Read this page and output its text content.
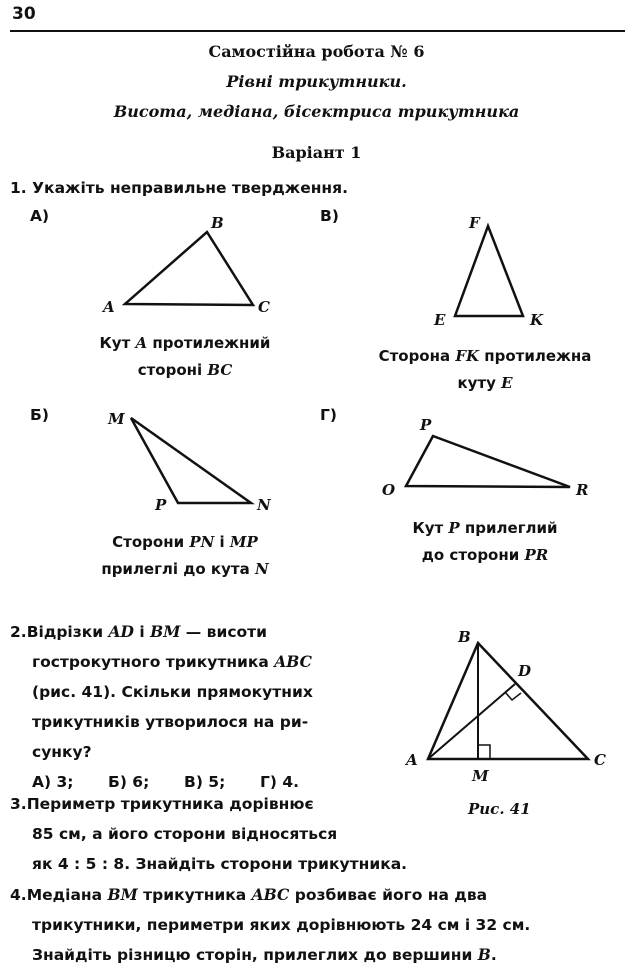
30
Самостійна робота № 6
Рівні трикутники.
Висота, медіана, бісектриса трикутника
Варіант 1
1. Укажіть неправильне твердження.
А)
A
B
C
Кут A протилежний
стороні BC
В)	F
E	K
Сторона FK протилежна
куту E
Б)	M
P	N
Сторони PN і MP
прилеглі до кута N
Г)
P
O	R
Кут P прилеглий
до сторони PR
2.Відрізки AD і BM — висоти
гострокутного трикутника ABC
(рис. 41). Скільки прямокутних
трикутників утворилося на ри-
сунку?
А) 3; Б) 6; В) 5; Г) 4.
B
D
A
M
C
Рис. 41
3.Периметр трикутника дорівнює
85 см, а його сторони відносяться
як 4 : 5 : 8. Знайдіть сторони трикутника.
4.Медіана BM трикутника ABC розбиває його на два
трикутники, периметри яких дорівнюють 24 см і 32 см.
Знайдіть різницю сторін, прилеглих до вершини B.
